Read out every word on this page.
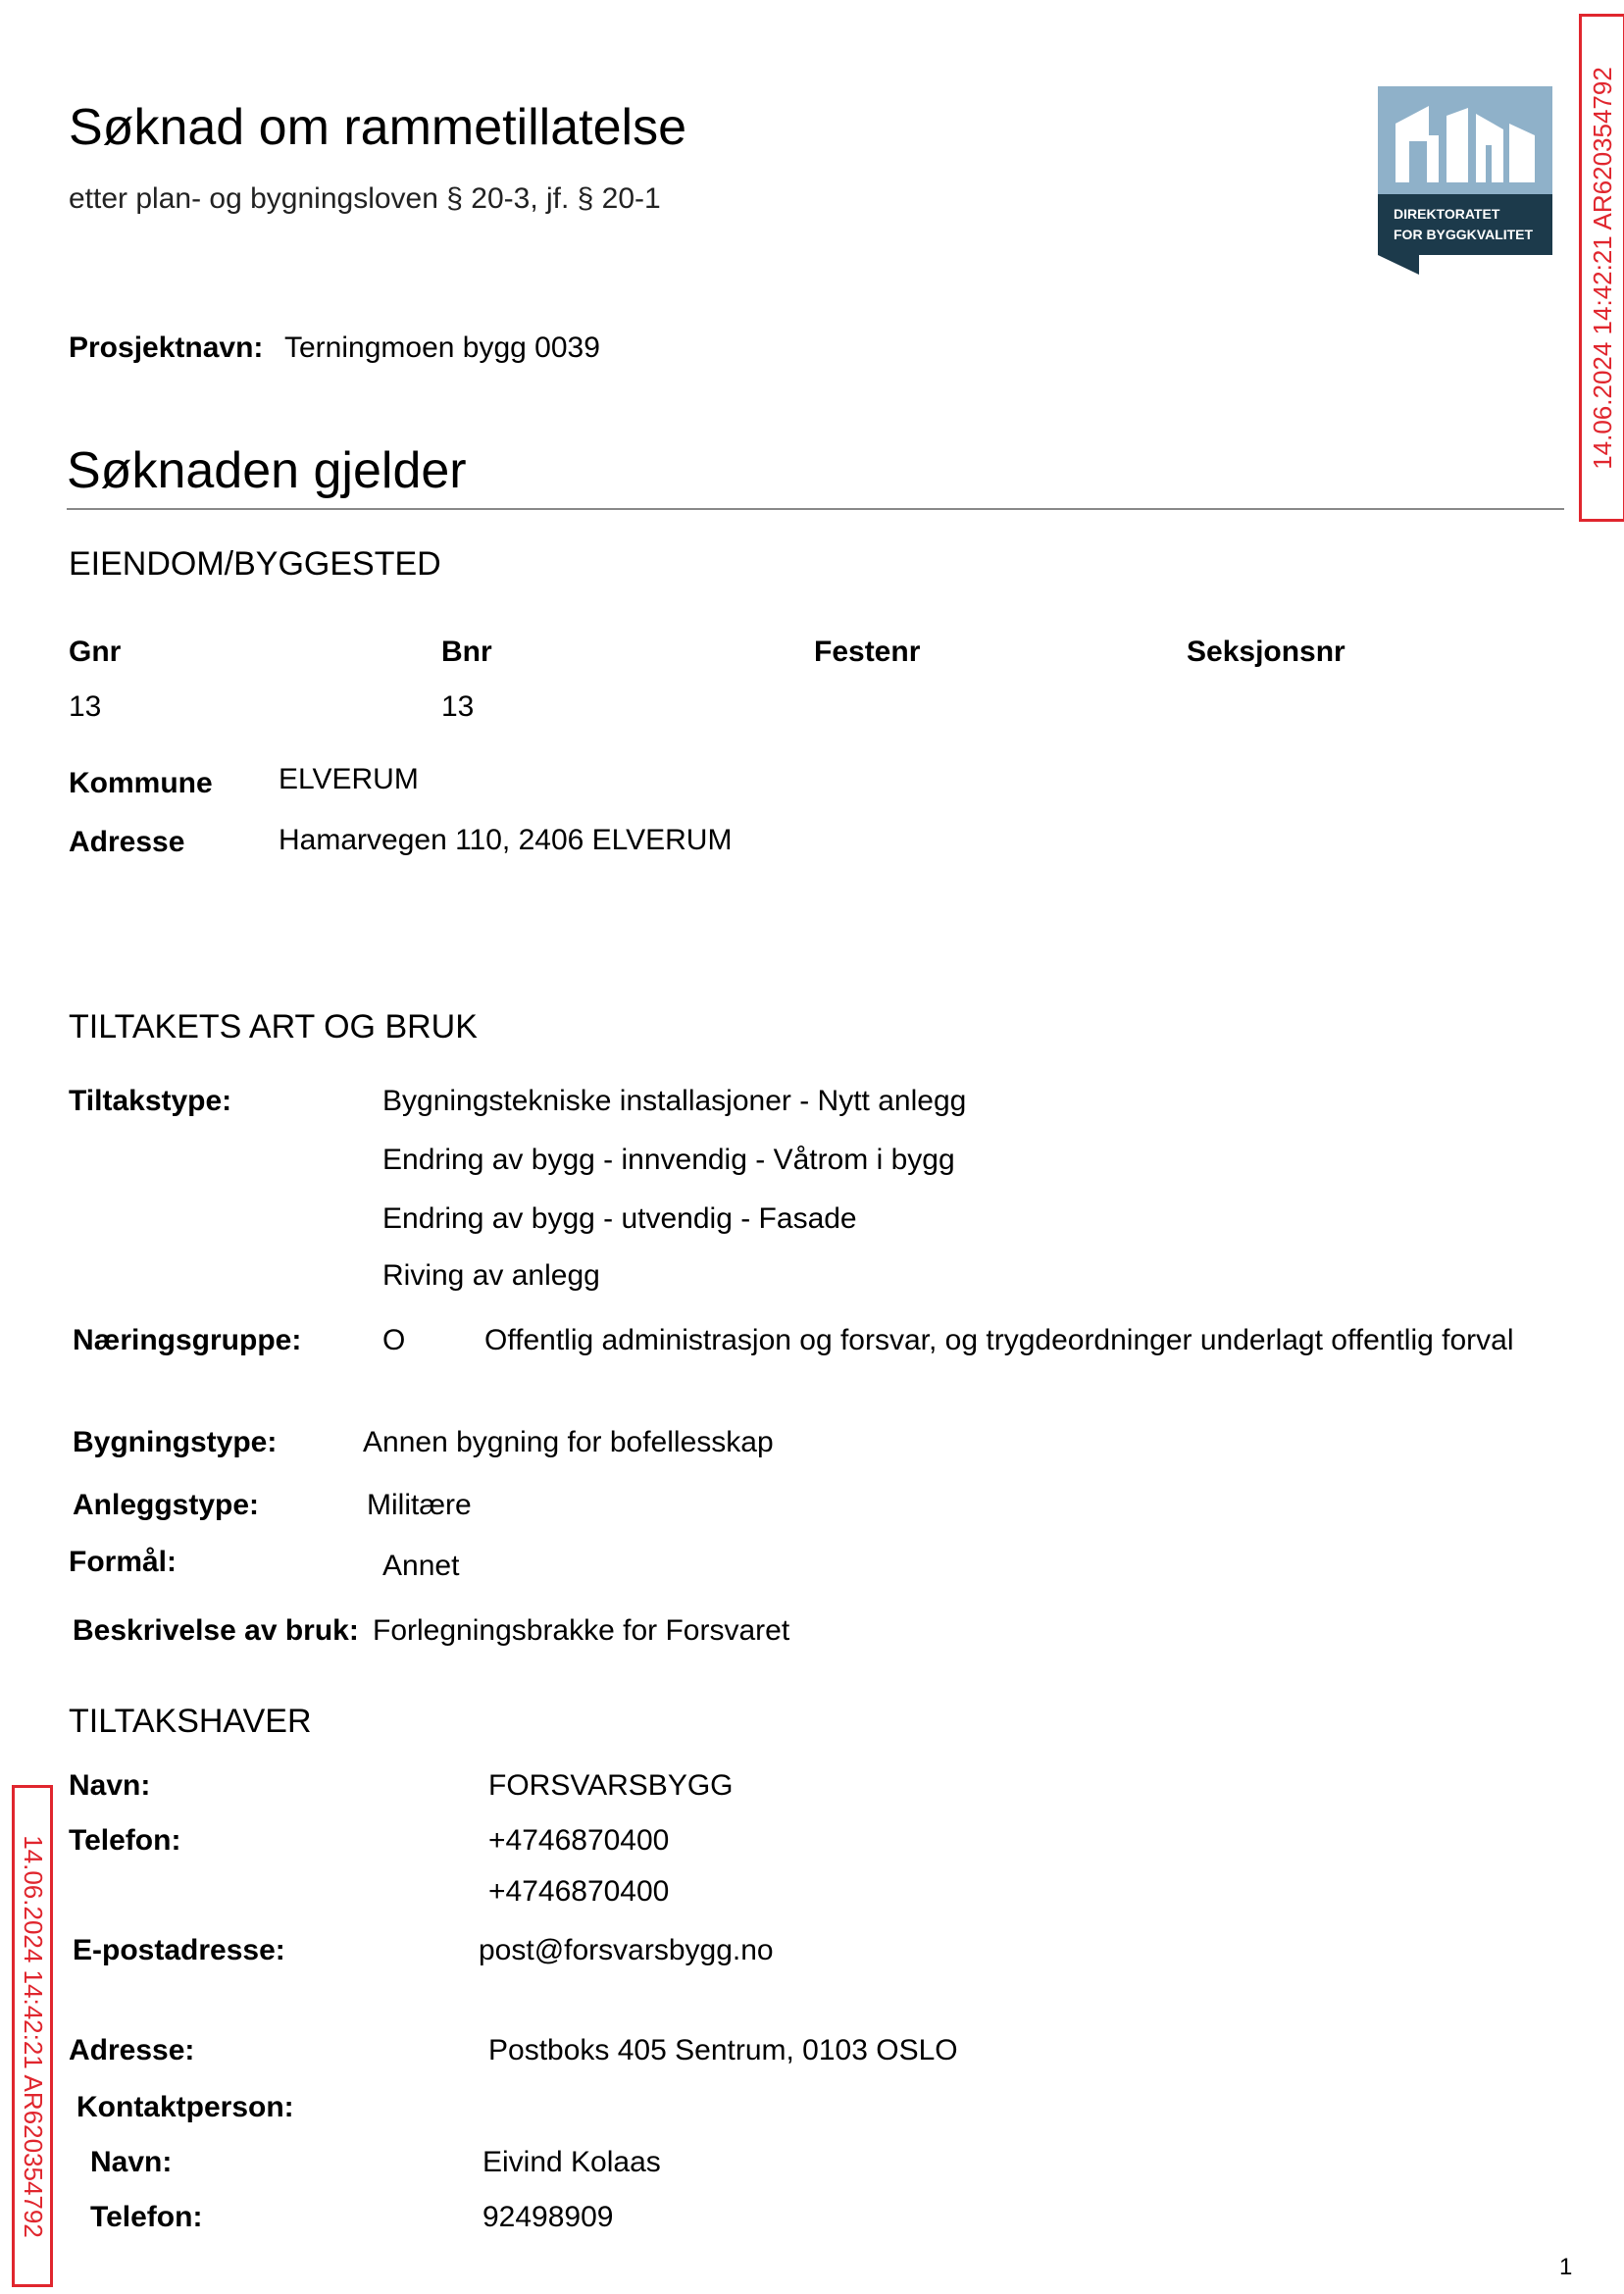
Søknad om rammetillatelse
etter plan- og bygningsloven § 20-3, jf. § 20-1	DIREKTORATET
FOR BYGGKVALITET 14.06.2024 14:42:21 AR620354792
Prosjektnavn: Terningmoen bygg 0039
Søknaden gjelder
EIENDOM/BYGGESTED
Gnr	Bnr	Festenr	Seksjonsnr
13	13
Kommune ELVERUM
Adresse	Hamarvegen 110, 2406 ELVERUM
TILTAKETS ART OG BRUK
Tiltakstype:	Bygningstekniske installasjoner - Nytt anlegg
Endring av bygg - innvendig - Våtrom i bygg
Endring av bygg - utvendig - Fasade
Riving av anlegg
Næringsgruppe:	O	Offentlig administrasjon og forsvar, og trygdeordninger underlagt offentlig forval
Bygningstype:	Annen bygning for bofellesskap
Anleggstype:	Militære
Formål:	Annet
Beskrivelse av bruk: Forlegningsbrakke for Forsvaret
TILTAKSHAVER
Navn:	FORSVARSBYGG
Telefon:	+4746870400
+4746870400
E-postadresse:	post@forsvarsbygg.no
Adresse:	Postboks 405 Sentrum, 0103 OSLO
Kontaktperson:
Navn:	Eivind Kolaas
Telefon:	92498909
14.06.2024 14:42:21 AR620354792
1
